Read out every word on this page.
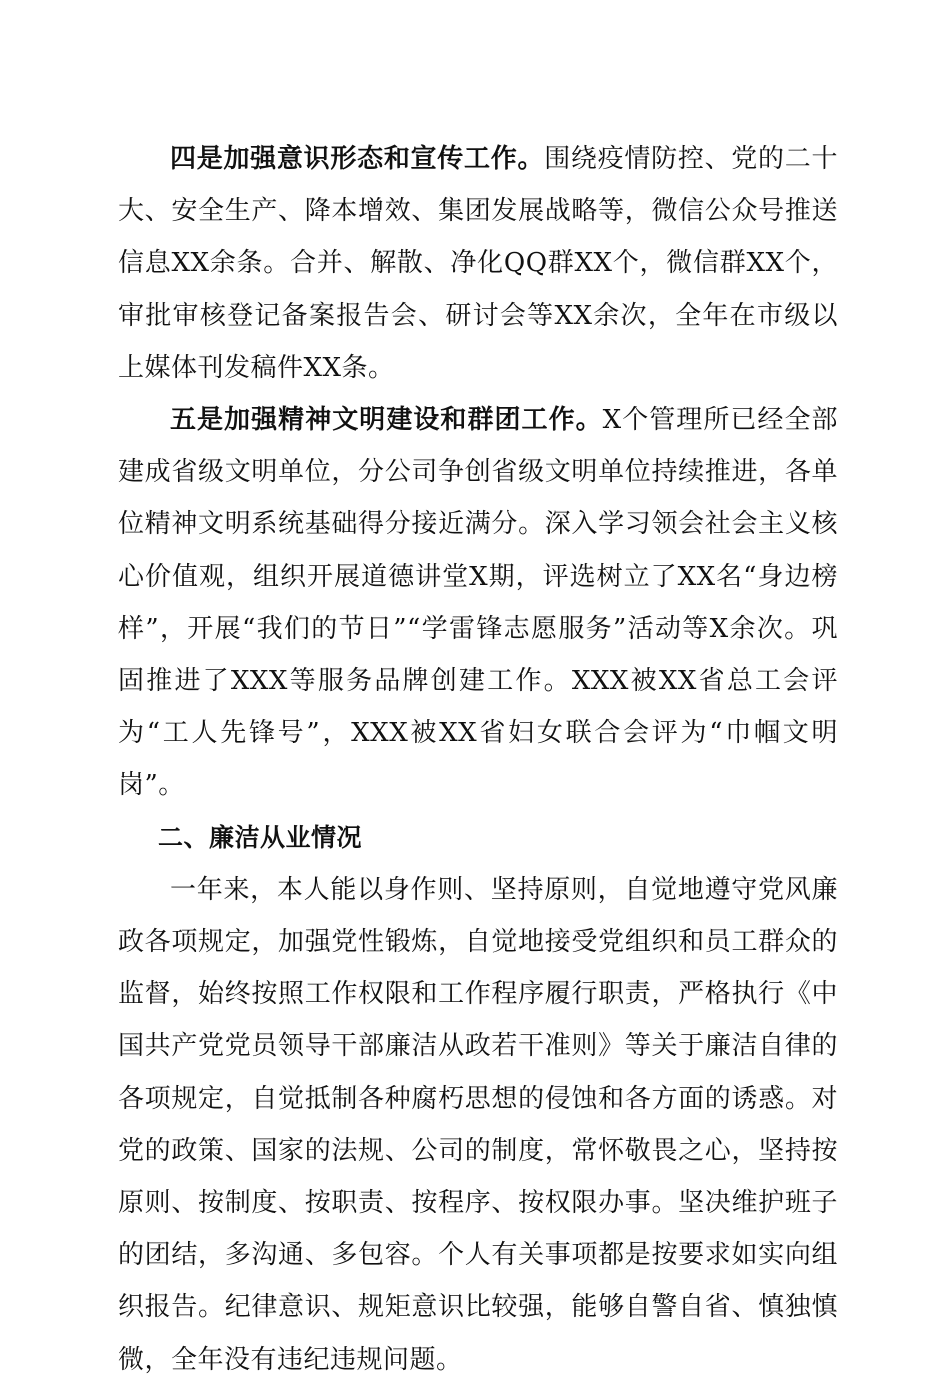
四是加强意识形态和宣传工作。围绕疫情防控、党的二十大、安全生产、降本增效、集团发展战略等，微信公众号推送信息XX余条。合并、解散、净化QQ群XX个，微信群XX个，审批审核登记备案报告会、研讨会等XX余次，全年在市级以上媒体刊发稿件XX条。

五是加强精神文明建设和群团工作。X个管理所已经全部建成省级文明单位，分公司争创省级文明单位持续推进，各单位精神文明系统基础得分接近满分。深入学习领会社会主义核心价值观，组织开展道德讲堂X期，评选树立了XX名“身边榜样”，开展“我们的节日”“学雷锋志愿服务”活动等X余次。巩固推进了XXX等服务品牌创建工作。XXX被XX省总工会评为“工人先锋号”，XXX被XX省妇女联合会评为“巾帼文明岗”。

二、廉洁从业情况

一年来，本人能以身作则、坚持原则，自觉地遵守党风廉政各项规定，加强党性锻炼，自觉地接受党组织和员工群众的监督，始终按照工作权限和工作程序履行职责，严格执行《中国共产党党员领导干部廉洁从政若干准则》等关于廉洁自律的各项规定，自觉抵制各种腐朽思想的侵蚀和各方面的诱惑。对党的政策、国家的法规、公司的制度，常怀敬畏之心，坚持按原则、按制度、按职责、按程序、按权限办事。坚决维护班子的团结，多沟通、多包容。个人有关事项都是按要求如实向组织报告。纪律意识、规矩意识比较强，能够自警自省、慎独慎微，全年没有违纪违规问题。
